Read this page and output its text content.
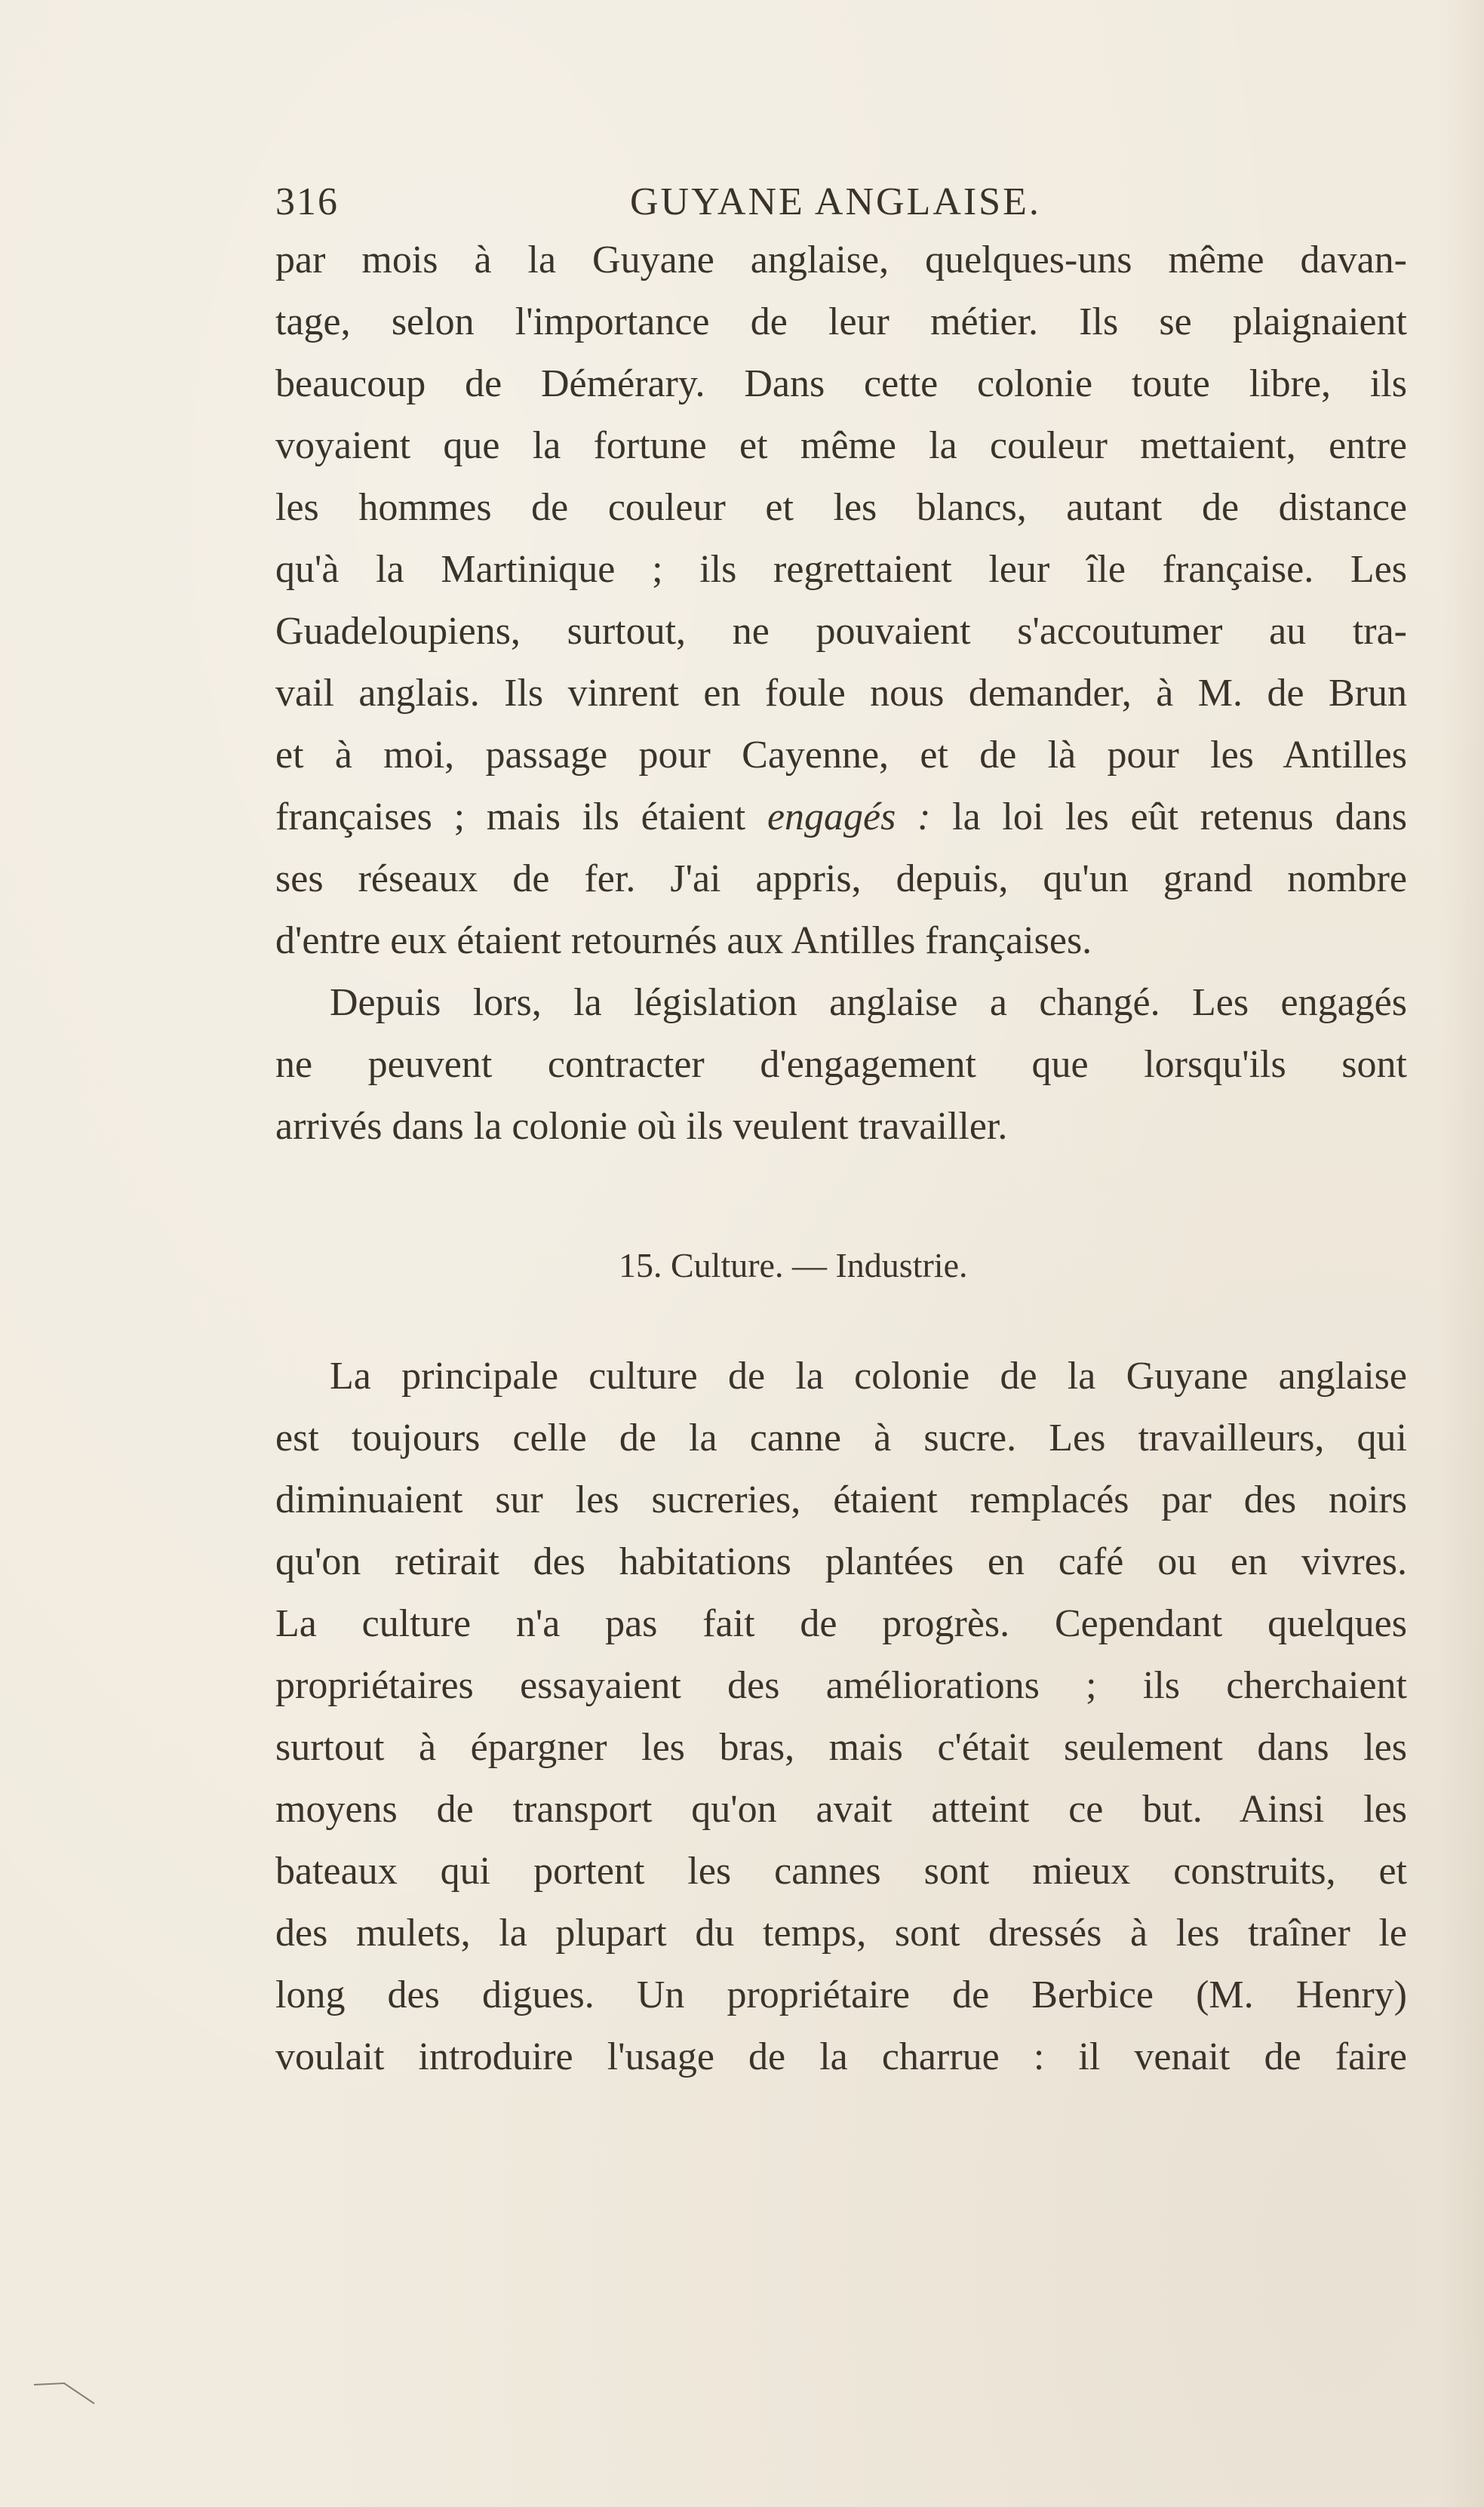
316	GUYANE ANGLAISE.
par mois à la Guyane anglaise, quelques-uns même davan-
tage, selon l'importance de leur métier. Ils se plaignaient
beaucoup de Démérary. Dans cette colonie toute libre, ils
voyaient que la fortune et même la couleur mettaient, entre
les hommes de couleur et les blancs, autant de distance
qu'à la Martinique ; ils regrettaient leur île française. Les
Guadeloupiens, surtout, ne pouvaient s'accoutumer au tra-
vail anglais. Ils vinrent en foule nous demander, à M. de Brun
et à moi, passage pour Cayenne, et de là pour les Antilles
françaises ; mais ils étaient engagés : la loi les eût retenus dans
ses réseaux de fer. J'ai appris, depuis, qu'un grand nombre
d'entre eux étaient retournés aux Antilles françaises.
Depuis lors, la législation anglaise a changé. Les engagés
ne peuvent contracter d'engagement que lorsqu'ils sont
arrivés dans la colonie où ils veulent travailler.
15. Culture. — Industrie.
La principale culture de la colonie de la Guyane anglaise
est toujours celle de la canne à sucre. Les travailleurs, qui
diminuaient sur les sucreries, étaient remplacés par des noirs
qu'on retirait des habitations plantées en café ou en vivres.
La culture n'a pas fait de progrès. Cependant quelques
propriétaires essayaient des améliorations ; ils cherchaient
surtout à épargner les bras, mais c'était seulement dans les
moyens de transport qu'on avait atteint ce but. Ainsi les
bateaux qui portent les cannes sont mieux construits, et
des mulets, la plupart du temps, sont dressés à les traîner le
long des digues. Un propriétaire de Berbice (M. Henry)
voulait introduire l'usage de la charrue : il venait de faire
